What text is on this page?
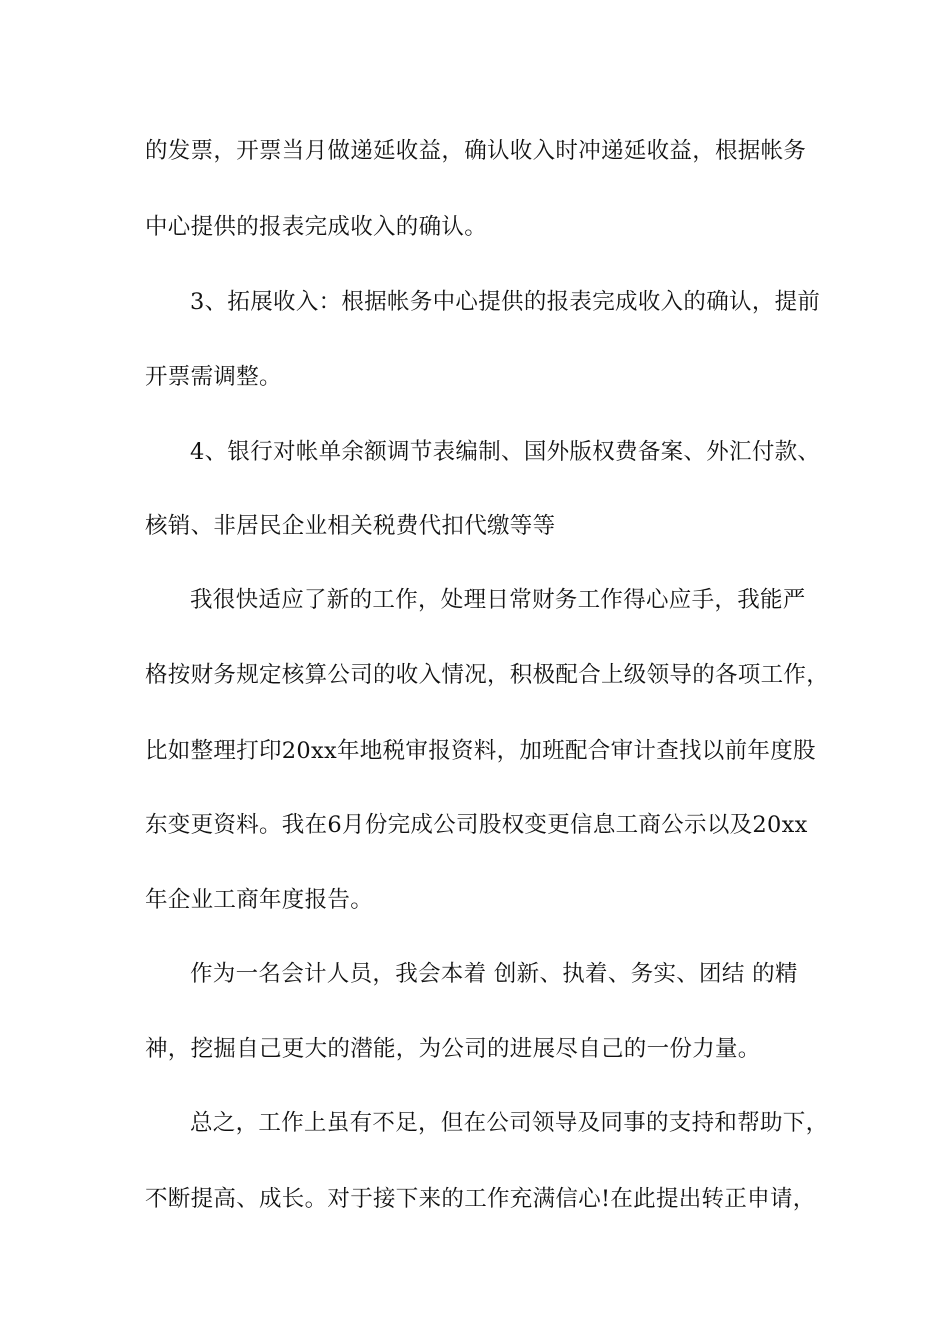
的发票，开票当月做递延收益，确认收入时冲递延收益，根据帐务
中心提供的报表完成收入的确认。
3、拓展收入：根据帐务中心提供的报表完成收入的确认，提前
开票需调整。
4、银行对帐单余额调节表编制、国外版权费备案、外汇付款、
核销、非居民企业相关税费代扣代缴等等
我很快适应了新的工作，处理日常财务工作得心应手，我能严
格按财务规定核算公司的收入情况，积极配合上级领导的各项工作，
比如整理打印20xx年地税审报资料，加班配合审计查找以前年度股
东变更资料。我在6月份完成公司股权变更信息工商公示以及20xx
年企业工商年度报告。
作为一名会计人员，我会本着 创新、执着、务实、团结 的精
神，挖掘自己更大的潜能，为公司的进展尽自己的一份力量。
总之，工作上虽有不足，但在公司领导及同事的支持和帮助下，
不断提高、成长。对于接下来的工作充满信心!在此提出转正申请，
